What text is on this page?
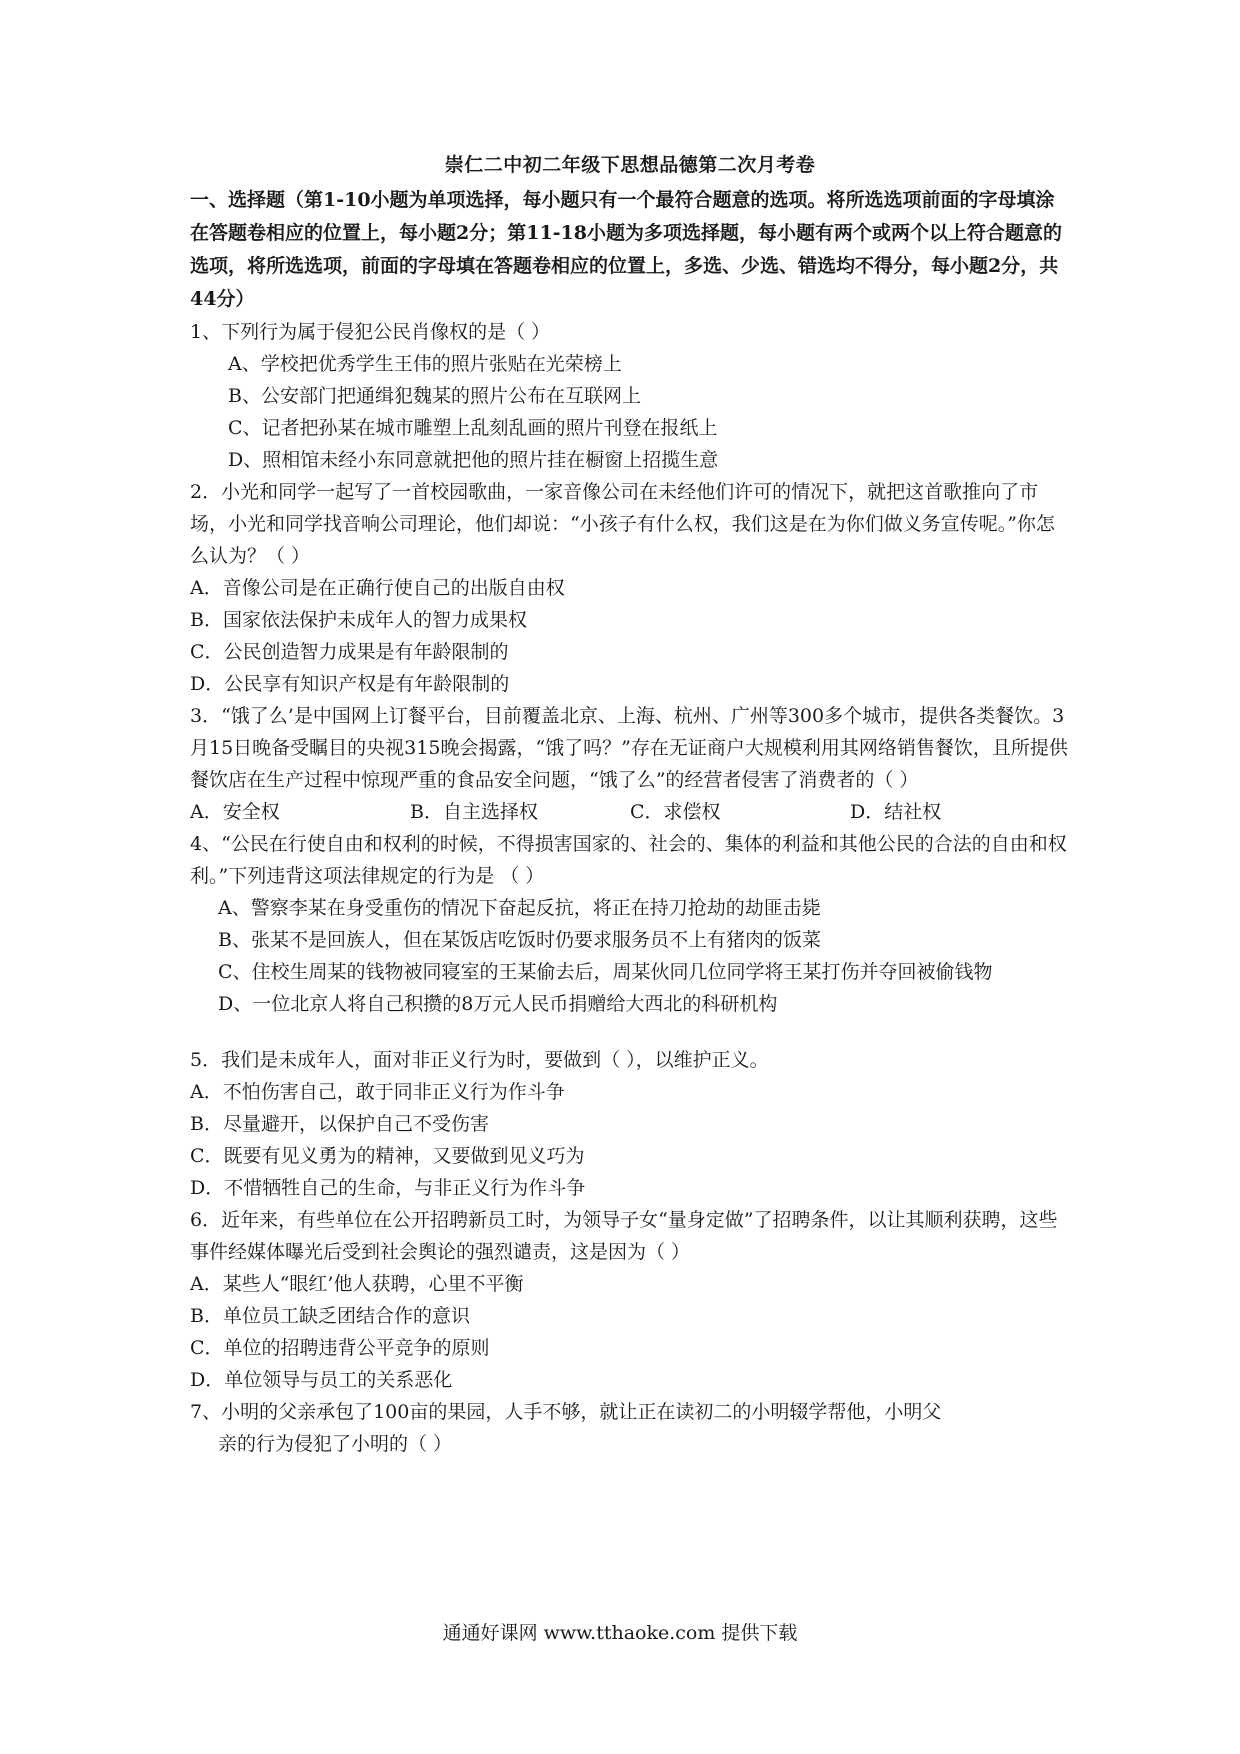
崇仁二中初二年级下思想品德第二次月考卷
一、选择题（第1-10小题为单项选择，每小题只有一个最符合题意的选项。将所选选项前面的字母填涂在答题卷相应的位置上，每小题2分；第11-18小题为多项选择题，每小题有两个或两个以上符合题意的选项，将所选选项，前面的字母填在答题卷相应的位置上，多选、少选、错选均不得分，每小题2分，共44分）

1、下列行为属于侵犯公民肖像权的是（ ）

A、学校把优秀学生王伟的照片张贴在光荣榜上

B、公安部门把通缉犯魏某的照片公布在互联网上

C、记者把孙某在城市雕塑上乱刻乱画的照片刊登在报纸上

D、照相馆未经小东同意就把他的照片挂在橱窗上招揽生意

2．小光和同学一起写了一首校园歌曲，一家音像公司在未经他们许可的情况下，就把这首歌推向了市场，小光和同学找音响公司理论，他们却说：“小孩子有什么权，我们这是在为你们做义务宣传呢。”你怎么认为？（ ）

A．音像公司是在正确行使自己的出版自由权

B．国家依法保护未成年人的智力成果权

C．公民创造智力成果是有年龄限制的

D．公民享有知识产权是有年龄限制的

3．“饿了么’是中国网上订餐平台，目前覆盖北京、上海、杭州、广州等300多个城市，提供各类餐饮。3月15日晚备受瞩目的央视315晚会揭露，“饿了吗？”存在无证商户大规模利用其网络销售餐饮，且所提供餐饮店在生产过程中惊现严重的食品安全问题，“饿了么”的经营者侵害了消费者的（ ）

A．安全权	B．自主选择权	C．求偿权	D．结社权

4、“公民在行使自由和权利的时候，不得损害国家的、社会的、集体的利益和其他公民的合法的自由和权利。”下列违背这项法律规定的行为是 （ ）

A、警察李某在身受重伤的情况下奋起反抗，将正在持刀抢劫的劫匪击毙

B、张某不是回族人，但在某饭店吃饭时仍要求服务员不上有猪肉的饭菜

C、住校生周某的钱物被同寝室的王某偷去后，周某伙同几位同学将王某打伤并夺回被偷钱物

D、一位北京人将自己积攒的8万元人民币捐赠给大西北的科研机构

5．我们是未成年人，面对非正义行为时，要做到（ ），以维护正义。

A．不怕伤害自己，敢于同非正义行为作斗争

B．尽量避开，以保护自己不受伤害

C．既要有见义勇为的精神，又要做到见义巧为

D．不惜牺牲自己的生命，与非正义行为作斗争

6．近年来，有些单位在公开招聘新员工时，为领导子女“量身定做”了招聘条件，以让其顺利获聘，这些事件经媒体曝光后受到社会舆论的强烈谴责，这是因为（ ）

A．某些人“眼红’他人获聘，心里不平衡

B．单位员工缺乏团结合作的意识

C．单位的招聘违背公平竞争的原则

D．单位领导与员工的关系恶化

7、小明的父亲承包了100亩的果园，人手不够，就让正在读初二的小明辍学帮他，小明父

亲的行为侵犯了小明的（ ）

通通好课网 www.tthaoke.com 提供下载
